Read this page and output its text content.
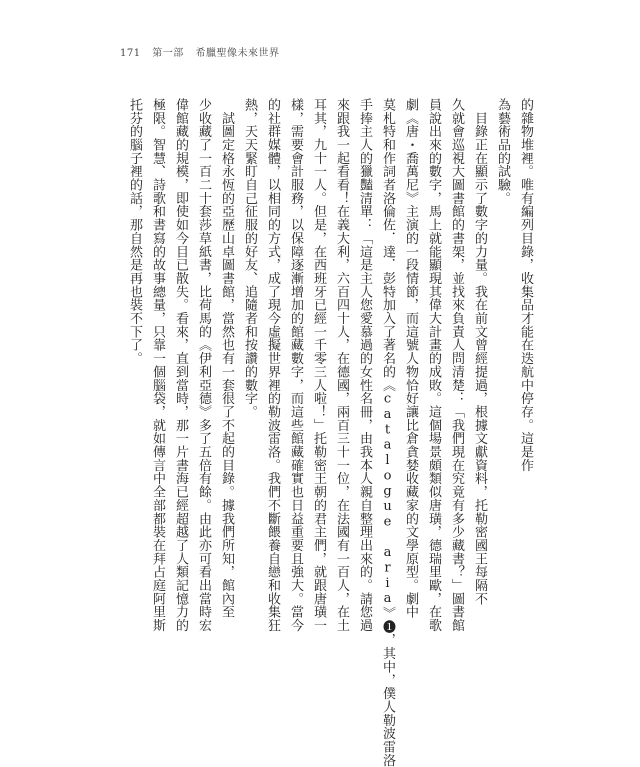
171 第一部 希臘聖像未來世界
的雜物堆裡。唯有編列目錄，收集品才能在迭航中停存。這是作
為藝術品的試驗。
　目錄正在顯示了數字的力量。我在前文曾經提過，根據文獻資料，托勒密國王每隔不
久就會巡視大圖書館的書架，並找來負責人問清楚：「我們現在究竟有多少藏書？」圖書館
員說出來的數字，馬上就能顯現其偉大計畫的成敗。這個場景頗類似唐璜，德瑞里歐，在歌
劇《唐・喬萬尼》主演的一段情節，而這號人物恰好讓比倉貪婪收藏家的文學原型。劇中
莫札特和作詞者洛倫佐．達．彭特加入了著名的《catalogue aria》❶，其中，僕人勒波雷洛
手捧主人的獵豔清單：「這是主人您愛慕過的女性名冊，由我本人親自整理出來的。請您過
來跟我一起看看！在義大利，六百四十人，在德國，兩百三十一位，在法國有一百人，在土
耳其，九十一人。但是，在西班牙已經一千零三人啦！」托勒密王朝的君主們，就跟唐璜一
樣，需要會計服務，以保障逐漸增加的館藏數字，而這些館藏確實也日益重要且強大。當今
的社群媒體，以相同的方式，成了現今虛擬世界裡的勒波雷洛。我們不斷餵養自戀和收集狂
熱，天天緊盯自己征服的好友、追隨者和按讚的數字。
　試圖定格永恆的亞歷山卓圖書館，當然也有一套很了不起的目錄。據我們所知，館內至
少收藏了一百二十套莎草紙書，比荷馬的《伊利亞德》多了五倍有餘。由此亦可看出當時宏
偉館藏的規模，即使如今目已散失。看來，直到當時，那一片書海已經超越了人類記憶力的
極限。智慧、詩歌和書寫的故事總量，只靠一個腦袋，就如傳言中全部都裝在拜占庭阿里斯
托芬的腦子裡的話，那自然是再也裝不下了。
